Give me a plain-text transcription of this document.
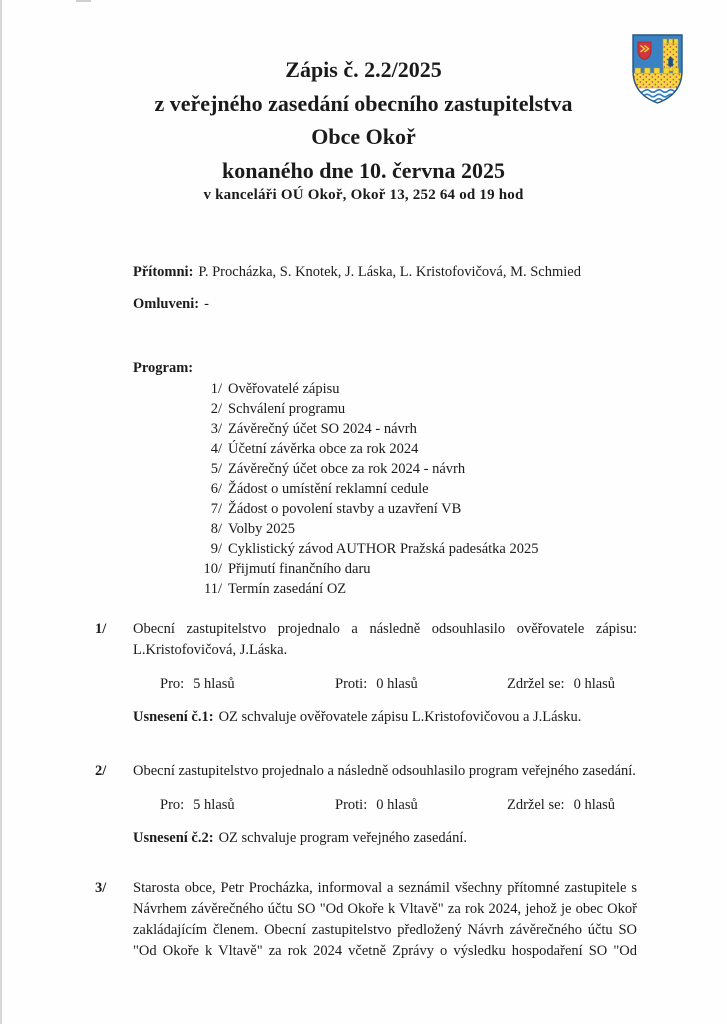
Zápis č. 2.2/2025
z veřejného zasedání obecního zastupitelstva
Obce Okoř
konaného dne 10. června 2025
v kanceláři OÚ Okoř, Okoř 13, 252 64 od 19 hod
Přítomni: P. Procházka, S. Knotek, J. Láska, L. Kristofovičová, M. Schmied
Omluveni: -
Program:
1/ Ověřovatelé zápisu
2/ Schválení programu
3/ Závěrečný účet SO 2024 - návrh
4/ Účetní závěrka obce za rok 2024
5/ Závěrečný účet obce za rok 2024 - návrh
6/ Žádost o umístění reklamní cedule
7/ Žádost o povolení stavby a uzavření VB
8/ Volby 2025
9/ Cyklistický závod AUTHOR Pražská padesátka 2025
10/ Přijmutí finančního daru
11/ Termín zasedání OZ
1/ Obecní zastupitelstvo projednalo a následně odsouhlasilo ověřovatele zápisu: L.Kristofovičová, J.Láska.

Pro: 5 hlasů	Proti: 0 hlasů	Zdržel se: 0 hlasů

Usnesení č.1: OZ schvaluje ověřovatele zápisu L.Kristofovičovou a J.Lásku.

2/ Obecní zastupitelstvo projednalo a následně odsouhlasilo program veřejného zasedání.

Pro: 5 hlasů	Proti: 0 hlasů	Zdržel se: 0 hlasů

Usnesení č.2: OZ schvaluje program veřejného zasedání.

3/ Starosta obce, Petr Procházka, informoval a seznámil všechny přítomné zastupitele s Návrhem závěrečného účtu SO "Od Okoře k Vltavě" za rok 2024, jehož je obec Okoř zakládajícím členem. Obecní zastupitelstvo předložený Návrh závěrečného účtu SO "Od Okoře k Vltavě" za rok 2024 včetně Zprávy o výsledku hospodaření SO "Od
